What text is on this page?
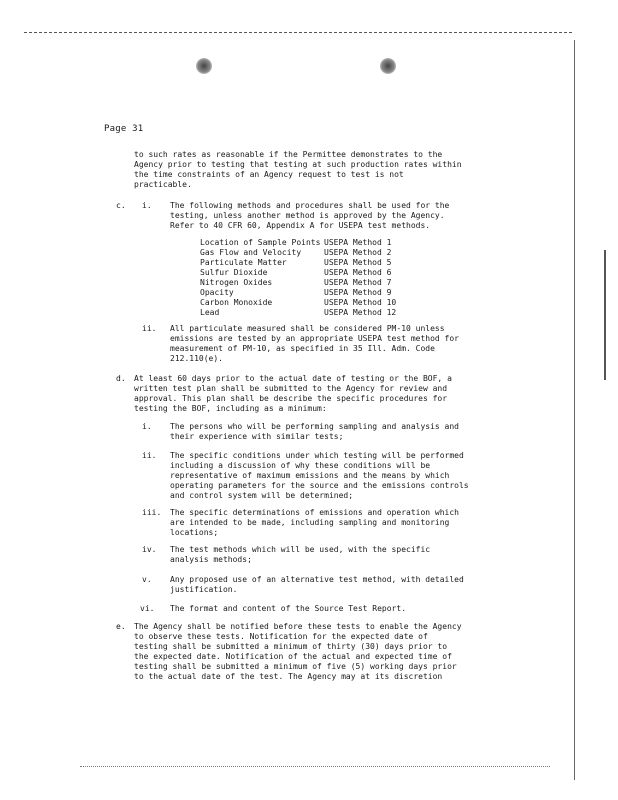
Page 31
to such rates as reasonable if the Permittee demonstrates to the
Agency prior to testing that testing at such production rates within
the time constraints of an Agency request to test is not
practicable.
c. i. The following methods and procedures shall be used for the
testing, unless another method is approved by the Agency.
Refer to 40 CFR 60, Appendix A for USEPA test methods.
Location of Sample Points	USEPA Method 1
Gas Flow and Velocity	USEPA Method 2
Particulate Matter	USEPA Method 5
Sulfur Dioxide	USEPA Method 6
Nitrogen Oxides	USEPA Method 7
Opacity	USEPA Method 9
Carbon Monoxide	USEPA Method 10
Lead	USEPA Method 12
ii. All particulate measured shall be considered PM-10 unless
emissions are tested by an appropriate USEPA test method for
measurement of PM-10, as specified in 35 Ill. Adm. Code
212.110(e).
d. At least 60 days prior to the actual date of testing or the BOF, a
written test plan shall be submitted to the Agency for review and
approval. This plan shall be describe the specific procedures for
testing the BOF, including as a minimum:
i. The persons who will be performing sampling and analysis and
their experience with similar tests;
ii. The specific conditions under which testing will be performed
including a discussion of why these conditions will be
representative of maximum emissions and the means by which
operating parameters for the source and the emissions controls
and control system will be determined;
iii. The specific determinations of emissions and operation which
are intended to be made, including sampling and monitoring
locations;
iv. The test methods which will be used, with the specific
analysis methods;
v. Any proposed use of an alternative test method, with detailed
justification.
vi. The format and content of the Source Test Report.
e. The Agency shall be notified before these tests to enable the Agency
to observe these tests. Notification for the expected date of
testing shall be submitted a minimum of thirty (30) days prior to
the expected date. Notification of the actual and expected time of
testing shall be submitted a minimum of five (5) working days prior
to the actual date of the test. The Agency may at its discretion
